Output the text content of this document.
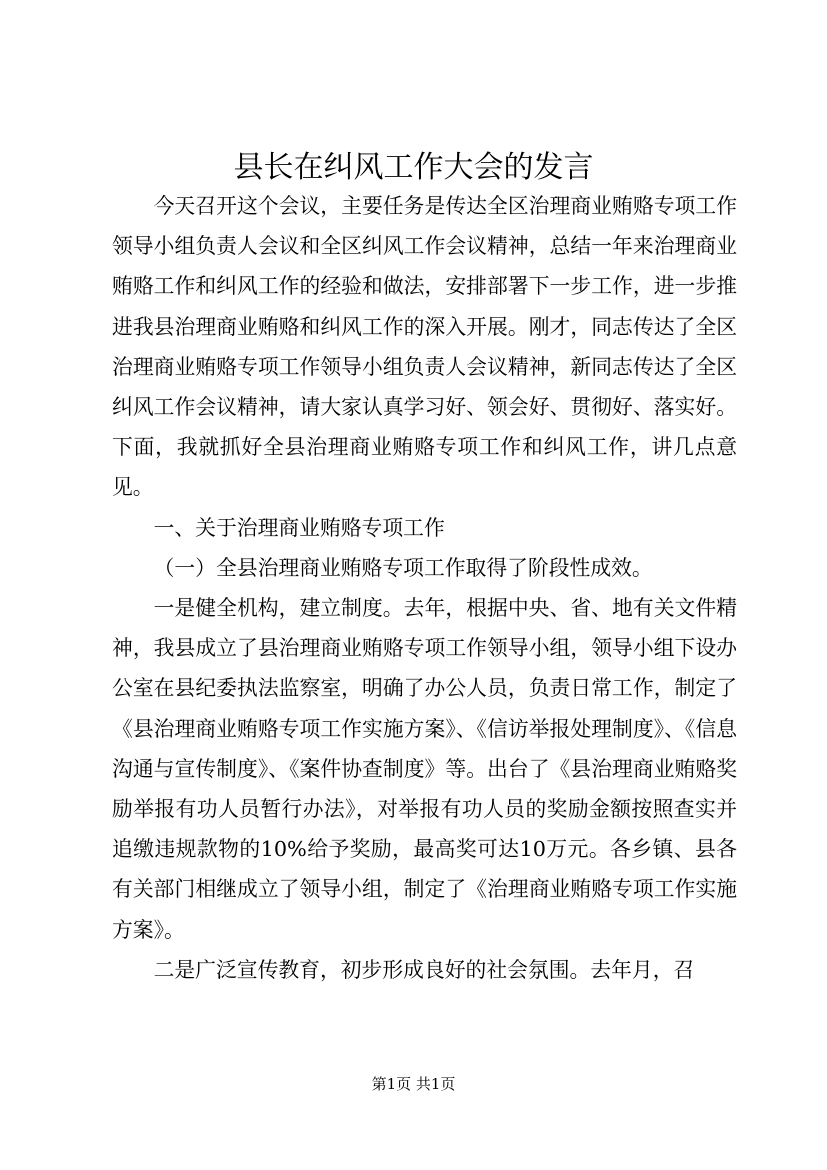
县长在纠风工作大会的发言

今天召开这个会议，主要任务是传达全区治理商业贿赂专项工作领导小组负责人会议和全区纠风工作会议精神，总结一年来治理商业贿赂工作和纠风工作的经验和做法，安排部署下一步工作，进一步推进我县治理商业贿赂和纠风工作的深入开展。刚才，同志传达了全区治理商业贿赂专项工作领导小组负责人会议精神，新同志传达了全区纠风工作会议精神，请大家认真学习好、领会好、贯彻好、落实好。下面，我就抓好全县治理商业贿赂专项工作和纠风工作，讲几点意见。

一、关于治理商业贿赂专项工作

（一）全县治理商业贿赂专项工作取得了阶段性成效。

一是健全机构，建立制度。去年，根据中央、省、地有关文件精神，我县成立了县治理商业贿赂专项工作领导小组，领导小组下设办公室在县纪委执法监察室，明确了办公人员，负责日常工作，制定了《县治理商业贿赂专项工作实施方案》、《信访举报处理制度》、《信息沟通与宣传制度》、《案件协查制度》等。出台了《县治理商业贿赂奖励举报有功人员暂行办法》，对举报有功人员的奖励金额按照查实并追缴违规款物的10%给予奖励，最高奖可达10万元。各乡镇、县各有关部门相继成立了领导小组，制定了《治理商业贿赂专项工作实施方案》。

二是广泛宣传教育，初步形成良好的社会氛围。去年月，召

第1页 共1页
